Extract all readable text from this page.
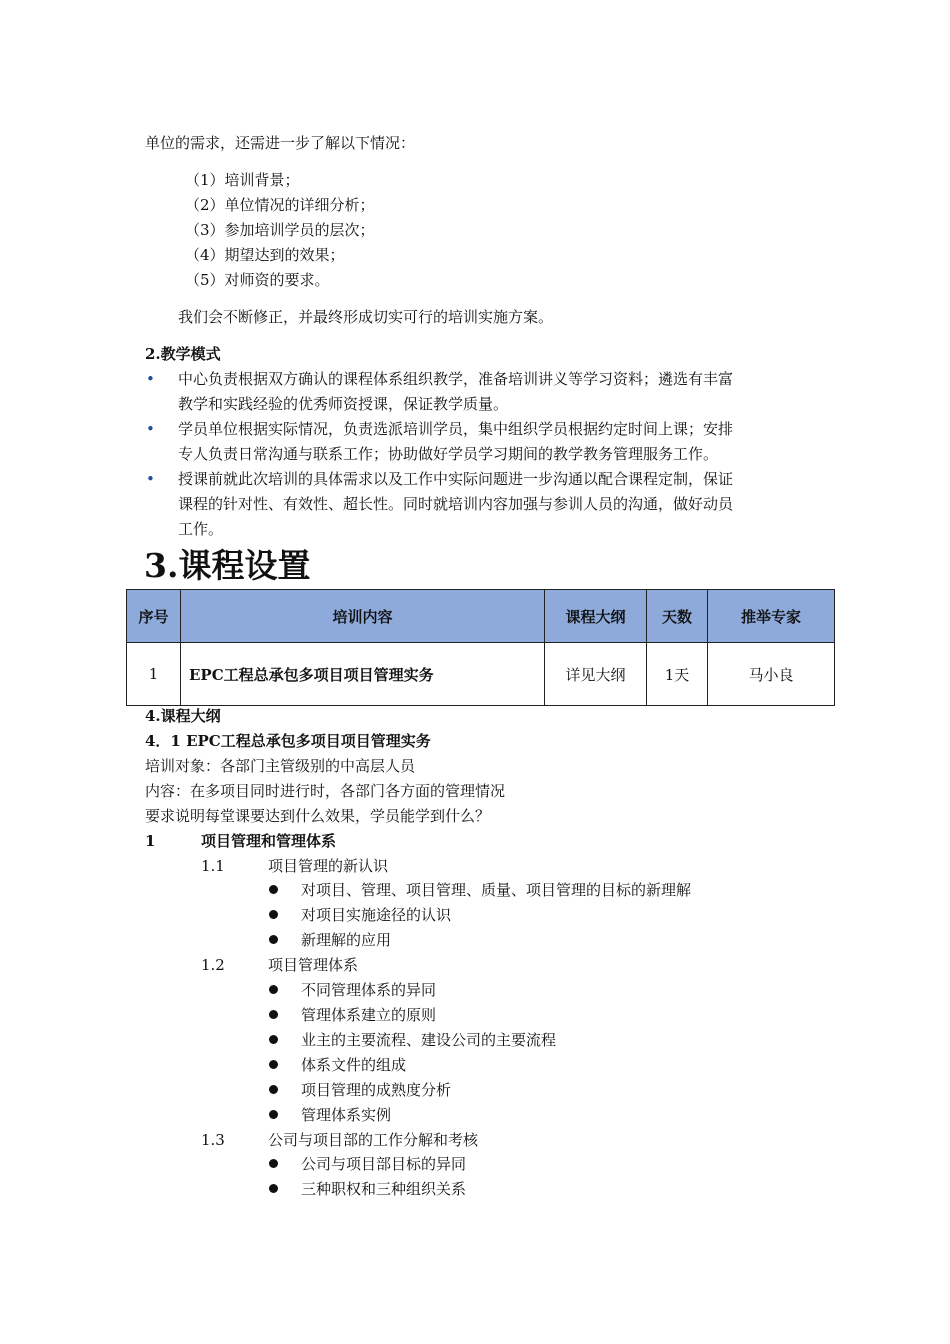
单位的需求，还需进一步了解以下情况：
（1）培训背景；
（2）单位情况的详细分析；
（3）参加培训学员的层次；
（4）期望达到的效果；
（5）对师资的要求。
我们会不断修正，并最终形成切实可行的培训实施方案。
2.教学模式
• 中心负责根据双方确认的课程体系组织教学，准备培训讲义等学习资料；遴选有丰富
教学和实践经验的优秀师资授课，保证教学质量。
• 学员单位根据实际情况，负责选派培训学员，集中组织学员根据约定时间上课；安排
专人负责日常沟通与联系工作；协助做好学员学习期间的教学教务管理服务工作。
• 授课前就此次培训的具体需求以及工作中实际问题进一步沟通以配合课程定制，保证
课程的针对性、有效性、超长性。同时就培训内容加强与参训人员的沟通，做好动员
工作。
3.课程设置
序号	培训内容	课程大纲	天数	推举专家
1	EPC工程总承包多项目项目管理实务	详见大纲	1天	马小良
4.课程大纲
4．1 EPC工程总承包多项目项目管理实务
培训对象：各部门主管级别的中高层人员
内容：在多项目同时进行时，各部门各方面的管理情况
要求说明每堂课要达到什么效果，学员能学到什么？
1	项目管理和管理体系
1.1	项目管理的新认识
对项目、管理、项目管理、质量、项目管理的目标的新理解
对项目实施途径的认识
新理解的应用
1.2	项目管理体系
不同管理体系的异同
管理体系建立的原则
业主的主要流程、建设公司的主要流程
体系文件的组成
项目管理的成熟度分析
管理体系实例
1.3	公司与项目部的工作分解和考核
公司与项目部目标的异同
三种职权和三种组织关系
